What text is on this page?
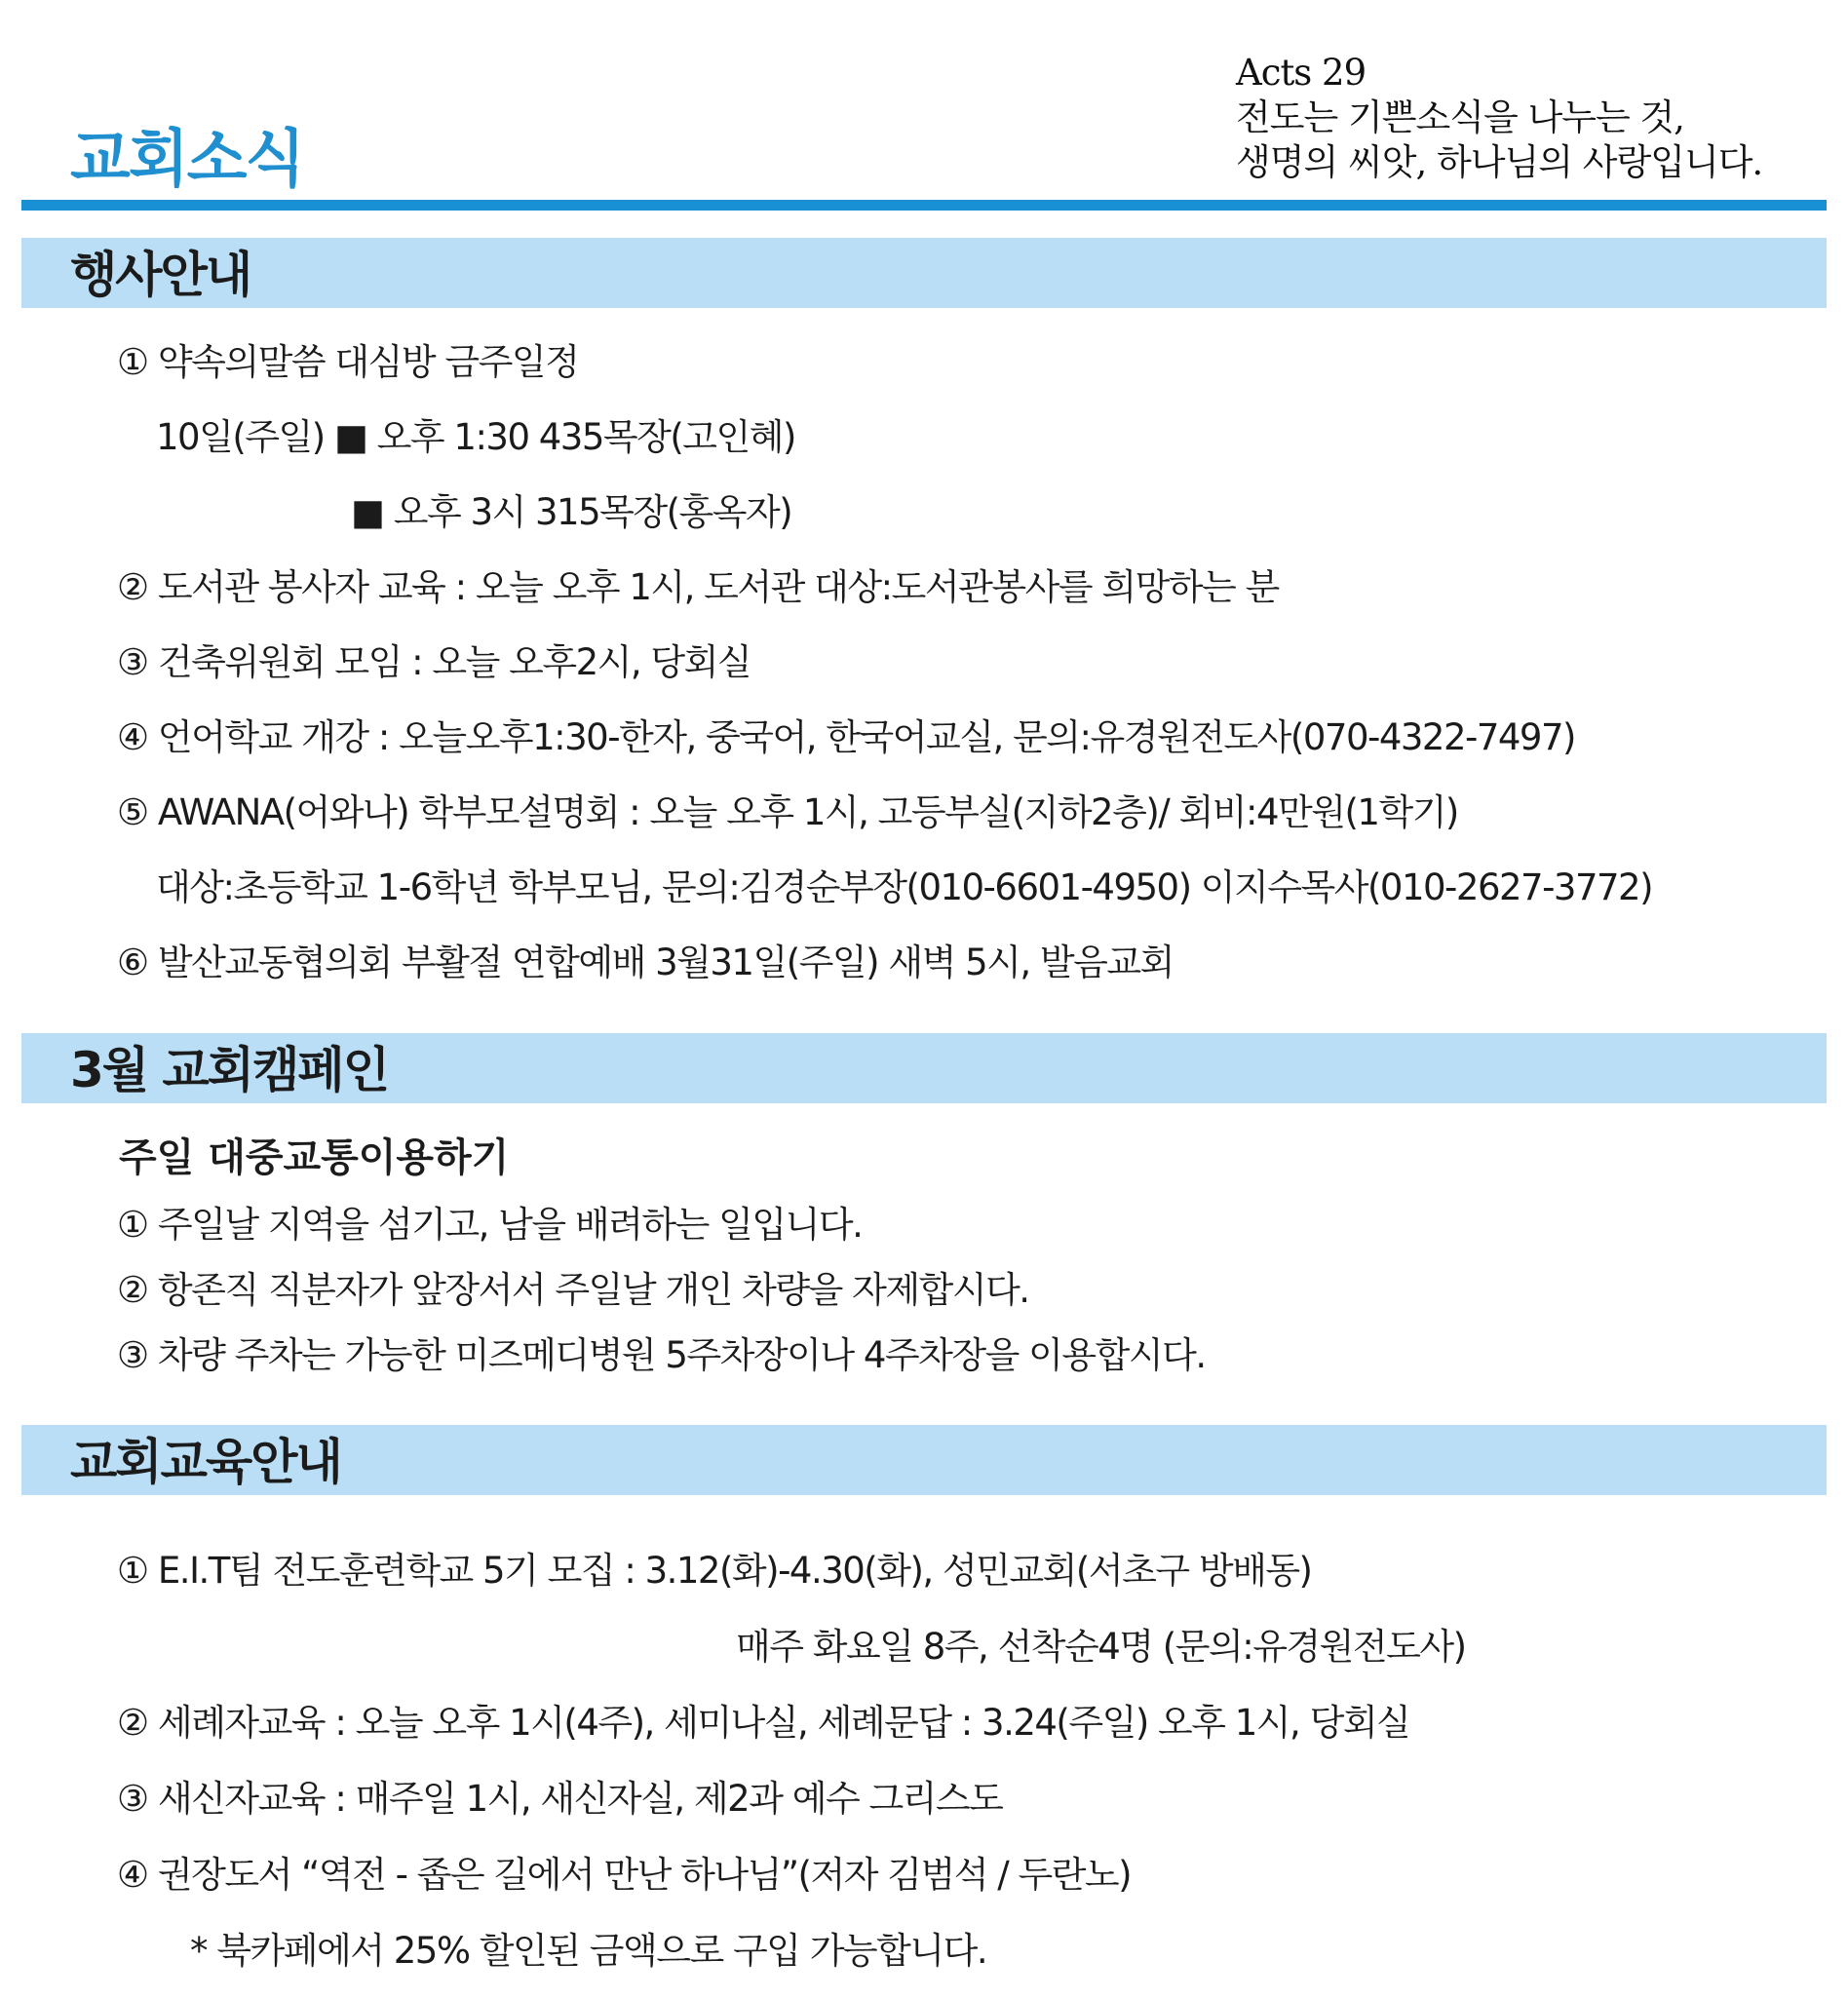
교회소식
Acts 29
전도는 기쁜소식을 나누는 것,
생명의 씨앗, 하나님의 사랑입니다.
행사안내
① 약속의말씀 대심방 금주일정
10일(주일) ■ 오후 1:30 435목장(고인혜)
■ 오후 3시 315목장(홍옥자)
② 도서관 봉사자 교육 : 오늘 오후 1시, 도서관 대상:도서관봉사를 희망하는 분
③ 건축위원회 모임 : 오늘 오후2시, 당회실
④ 언어학교 개강 : 오늘오후1:30-한자, 중국어, 한국어교실, 문의:유경원전도사(070-4322-7497)
⑤ AWANA(어와나) 학부모설명회 : 오늘 오후 1시, 고등부실(지하2층)/ 회비:4만원(1학기)
대상:초등학교 1-6학년 학부모님, 문의:김경순부장(010-6601-4950) 이지수목사(010-2627-3772)
⑥ 발산교동협의회 부활절 연합예배 3월31일(주일) 새벽 5시, 발음교회
3월 교회캠페인
주일 대중교통이용하기
① 주일날 지역을 섬기고, 남을 배려하는 일입니다.
② 항존직 직분자가 앞장서서 주일날 개인 차량을 자제합시다.
③ 차량 주차는 가능한 미즈메디병원 5주차장이나 4주차장을 이용합시다.
교회교육안내
① E.I.T팀 전도훈련학교 5기 모집 : 3.12(화)-4.30(화), 성민교회(서초구 방배동)
매주 화요일 8주, 선착순4명 (문의:유경원전도사)
② 세례자교육 : 오늘 오후 1시(4주), 세미나실, 세례문답 : 3.24(주일) 오후 1시, 당회실
③ 새신자교육 : 매주일 1시, 새신자실, 제2과 예수 그리스도
④ 권장도서 “역전 - 좁은 길에서 만난 하나님”(저자 김범석 / 두란노)
* 북카페에서 25% 할인된 금액으로 구입 가능합니다.
